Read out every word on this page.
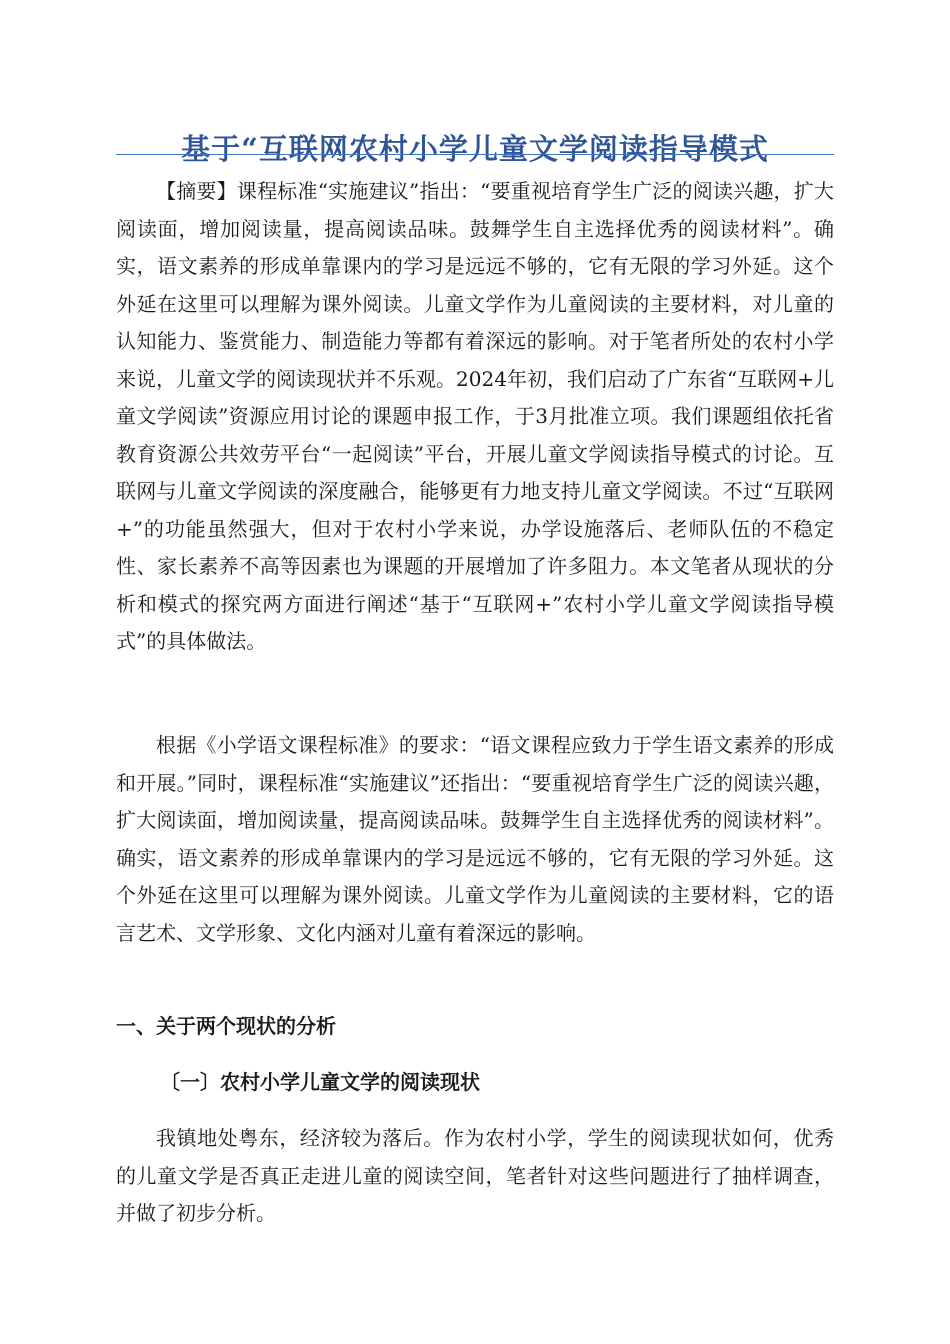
基于“互联网农村小学儿童文学阅读指导模式

【摘要】课程标准“实施建议”指出：“要重视培育学生广泛的阅读兴趣，扩大阅读面，增加阅读量，提高阅读品味。鼓舞学生自主选择优秀的阅读材料”。确实，语文素养的形成单靠课内的学习是远远不够的，它有无限的学习外延。这个外延在这里可以理解为课外阅读。儿童文学作为儿童阅读的主要材料，对儿童的认知能力、鉴赏能力、制造能力等都有着深远的影响。对于笔者所处的农村小学来说，儿童文学的阅读现状并不乐观。2024年初，我们启动了广东省“互联网+儿童文学阅读”资源应用讨论的课题申报工作，于3月批准立项。我们课题组依托省教育资源公共效劳平台“一起阅读”平台，开展儿童文学阅读指导模式的讨论。互联网与儿童文学阅读的深度融合，能够更有力地支持儿童文学阅读。不过“互联网+”的功能虽然强大，但对于农村小学来说，办学设施落后、老师队伍的不稳定性、家长素养不高等因素也为课题的开展增加了许多阻力。本文笔者从现状的分析和模式的探究两方面进行阐述“基于“互联网+”农村小学儿童文学阅读指导模式”的具体做法。

根据《小学语文课程标准》的要求：“语文课程应致力于学生语文素养的形成和开展。”同时，课程标准“实施建议”还指出：“要重视培育学生广泛的阅读兴趣，扩大阅读面，增加阅读量，提高阅读品味。鼓舞学生自主选择优秀的阅读材料”。确实，语文素养的形成单靠课内的学习是远远不够的，它有无限的学习外延。这个外延在这里可以理解为课外阅读。儿童文学作为儿童阅读的主要材料，它的语言艺术、文学形象、文化内涵对儿童有着深远的影响。

一、关于两个现状的分析
〔一〕农村小学儿童文学的阅读现状

我镇地处粤东，经济较为落后。作为农村小学，学生的阅读现状如何，优秀的儿童文学是否真正走进儿童的阅读空间，笔者针对这些问题进行了抽样调查，并做了初步分析。
